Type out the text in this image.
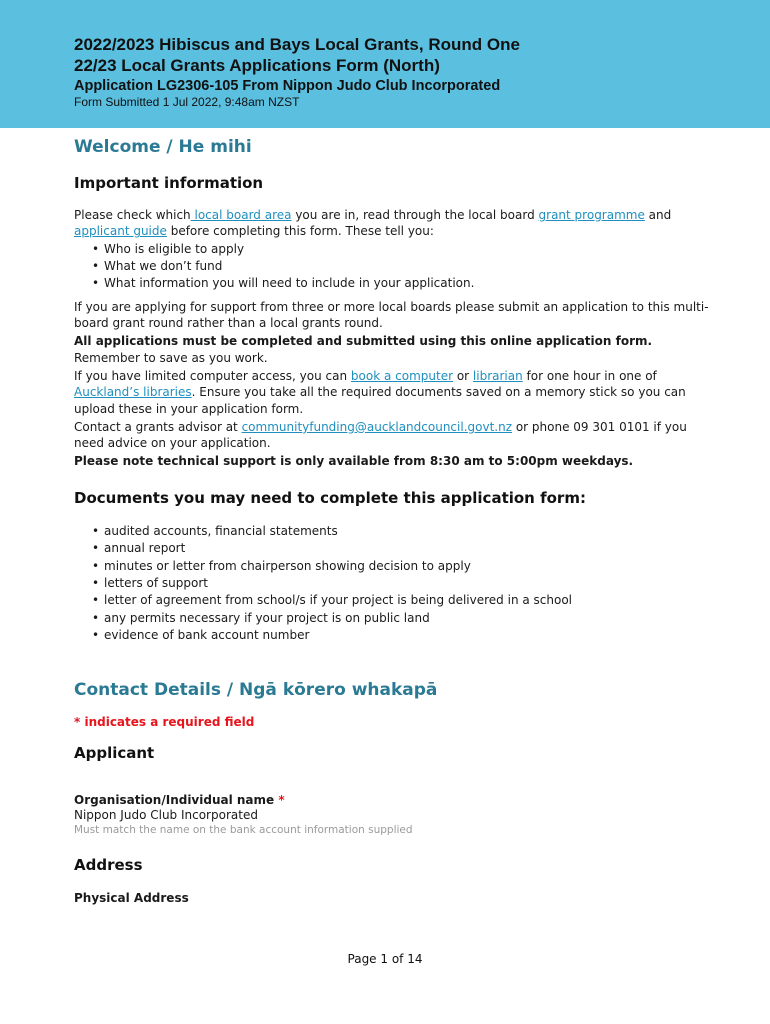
2022/2023 Hibiscus and Bays Local Grants, Round One
22/23 Local Grants Applications Form (North)
Application LG2306-105 From Nippon Judo Club Incorporated
Form Submitted 1 Jul 2022, 9:48am NZST
Welcome / He mihi
Important information

Please check which local board area you are in, read through the local board grant programme and applicant guide before completing this form. These tell you:

• Who is eligible to apply
• What we don’t fund
• What information you will need to include in your application.

If you are applying for support from three or more local boards please submit an application to this multi-board grant round rather than a local grants round.

All applications must be completed and submitted using this online application form. Remember to save as you work.

If you have limited computer access, you can book a computer or librarian for one hour in one of Auckland’s libraries. Ensure you take all the required documents saved on a memory stick so you can upload these in your application form.

Contact a grants advisor at communityfunding@aucklandcouncil.govt.nz or phone 09 301 0101 if you need advice on your application.

Please note technical support is only available from 8:30 am to 5:00pm weekdays.

Documents you may need to complete this application form:
• audited accounts, financial statements
• annual report
• minutes or letter from chairperson showing decision to apply
• letters of support
• letter of agreement from school/s if your project is being delivered in a school
• any permits necessary if your project is on public land
• evidence of bank account number
Contact Details / Ngā kōrero whakapā
* indicates a required field
Applicant
Organisation/Individual name *
Nippon Judo Club Incorporated
Must match the name on the bank account information supplied
Address
Physical Address
Page 1 of 14
